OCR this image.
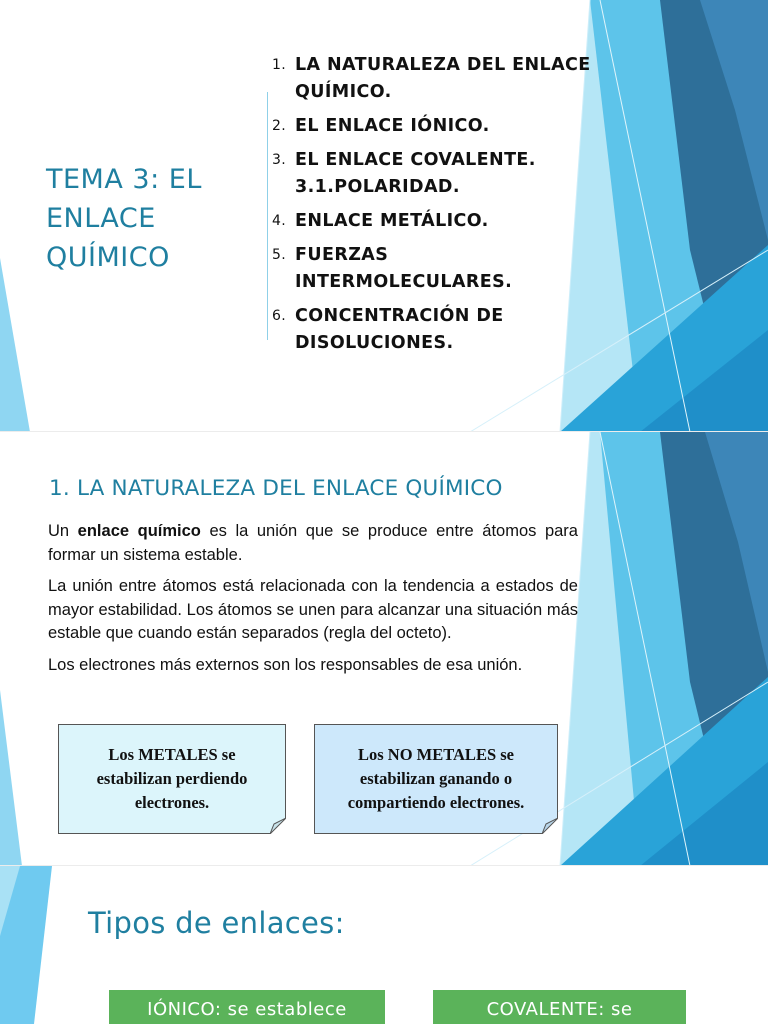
TEMA 3: EL ENLACE QUÍMICO
1. LA NATURALEZA DEL ENLACE QUÍMICO.
2. EL ENLACE IÓNICO.
3. EL ENLACE COVALENTE.
3.1.POLARIDAD.
4. ENLACE METÁLICO.
5. FUERZAS INTERMOLECULARES.
6. CONCENTRACIÓN DE DISOLUCIONES.
1. LA NATURALEZA DEL ENLACE QUÍMICO

Un enlace químico es la unión que se produce entre átomos para formar un sistema estable.

La unión entre átomos está relacionada con la tendencia a estados de mayor estabilidad. Los átomos se unen para alcanzar una situación más estable que cuando están separados (regla del octeto).

Los electrones más externos son los responsables de esa unión.

Los METALES se estabilizan perdiendo electrones.
Los NO METALES se estabilizan ganando o compartiendo electrones.
Tipos de enlaces:
IÓNICO: se establece	COVALENTE: se
